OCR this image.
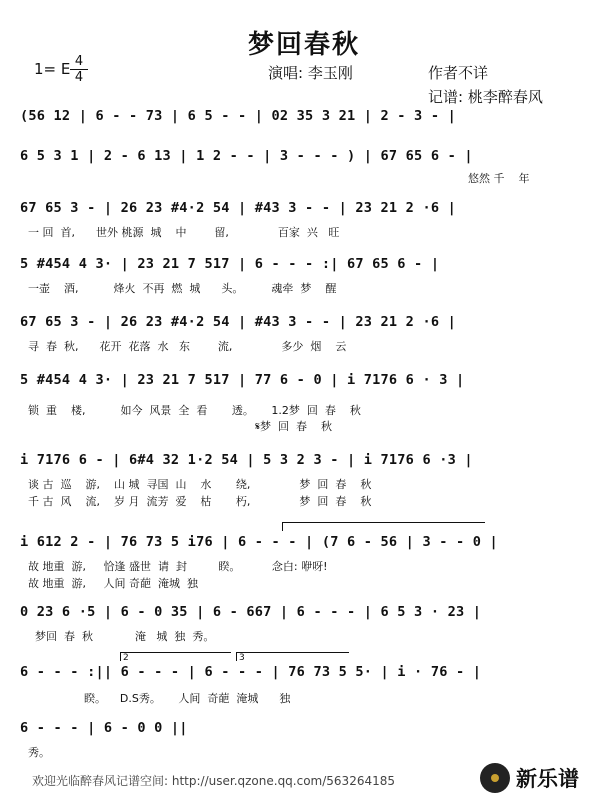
梦回春秋
1= E 4
4	演唱: 李玉刚	作者不详
记谱: 桃李醉春风
(56 12 | 6 - - 73 | 6 5 - - | 02 35 3 21 | 2 - 3 - |
6 5 3 1 | 2 - 6 13 | 1 2 - - | 3 - - - ) | 67 65 6 - |
悠然 千    年
67 65 3 - | 26 23 #4·2 54 | #43 3 - - | 23 21 2 ·6 |
一 回  首,      世外 桃源  城    中        留,              百家  兴   旺
5 #454 4 3· | 23 21 7 517 | 6 - - - :| 67 65 6 - |
一壶    酒,          烽火  不再  燃  城      头。        魂牵  梦    醒
67 65 3 - | 26 23 #4·2 54 | #43 3 - - | 23 21 2 ·6 |
寻  春  秋,      花开  花落  水   东        流,              多少  烟    云
5 #454 4 3· | 23 21 7 517 | 77 6 - 0 | i 7176 6 · 3 |
锁  重    楼,          如今  风景  全  看       透。     1.2梦  回  春    秋
𝄋梦  回  春    秋
i 7176 6 - | 6#4 32 1·2 54 | 5 3 2 3 - | i 7176 6 ·3 |
谈 古  巡    游,    山 城  寻国  山    水       绕,              梦  回  春    秋
千 古  风    流,    岁 月  流芳  爱    枯       朽,              梦  回  春    秋
i 612 2 - | 76 73 5 i76 | 6 - - - | (7 6 - 56 | 3 - - 0 |
故 地重  游,     恰逢 盛世  请  封         睽。         念白: 咿呀!
故 地重  游,     人间 奇葩  淹城  独
0 23 6 ·5 | 6 - 0 35 | 6 - 667 | 6 - - - | 6 5 3 · 23 |
梦回  春  秋            淹   城  独  秀。
2	3
6 - - - :|| 6 - - - | 6 - - - | 76 73 5 5· | i · 76 - |
睽。    D.S秀。     人间  奇葩  淹城      独
6 - - - | 6 - 0 0 ||
秀。
欢迎光临醉春风记谱空间: http://user.qzone.qq.com/563264185	新乐谱
